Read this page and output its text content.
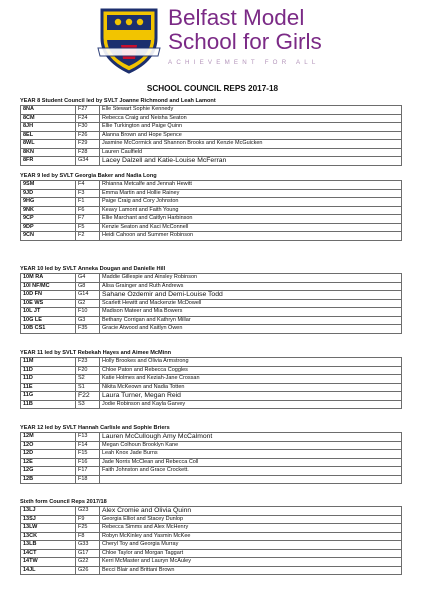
Belfast Model
School for Girls
ACHIEVEMENT FOR ALL
SCHOOL COUNCIL REPS 2017-18
YEAR 8 Student Council led by SVLT Joanne Richmond and Leah Lamont
8NA	F27	Elle Stewart Sophie Kennedy
8CM	F24	Rebecca Craig and Neisha Seaton
8JH	F30	Ellie Turkington and Paige Quinn
8EL	F26	Alanna Brown and Hope Spence
8WL	F29	Jasmine McCormick and Shannon Brooks and Kenzie McGuicken
8KN	F28	Lauren Caulfield
8FR	G34	Lacey Dalzell and Katie-Louise McFerran
YEAR 9 led by SVLT Georgia Baker and Nadia Long
9SM	F4	Rhianna Metcalfe and Jennah Hewitt
9JD	F3	Emma Martin and Hollie Rainey
9HG	F1	Paige Craig and Cory Johnston
9NK	F6	Keavy Lamont and Faith Young
9CP	F7	Ellie Marchant and Caitlyn Harbinson
9DP	F5	Kenzie Seaton and Kaci McConnell
9CN	F2	Heidi Cahoon and Summer Robinson
YEAR 10 led by SVLT Anneka Dougan and Danielle Hill
10M RA	G4	Maddie Gillespie and Ainsley Robinson
10I NF/MC	G8	Alisa Grainger and Ruth Andrews
10D FN	G14	Sahane Ozdemir and Demi-Louise Todd
10E WS	G2	Scarlett Hewitt and Mackenzie McDowell
10L JT	F10	Madison Mateer and Mia Bowers
10G LE	G3	Bethany Corrigan and Kathryn Millar
10B CS1	F35	Gracie Atwood and Kaitlyn Owen
YEAR 11 led by SVLT Rebekah Hayes and Aimee McMinn
11M	F23	Holly Brookes and Olivia Armstrong
11D	F20	Chloe Paton and Rebecca Coggles
11D	S2	Katie Holmes and Keziah-Jane Crossan
11E	S1	Nikita McKeown and Nadia Totten
11G	F22	Laura Turner, Megan Reid
11B	S3	Jodie Robinson and Kayla Garvey
YEAR 12 led by SVLT Hannah Carlisle and Sophie Briers
12M	F13	Lauren McCullough Amy McCalmont
12O	F14	Megan Colhoun Brooklyn Kane
12D	F15	Leah Knox Jade Burns
12E	F16	Jade Norris McClean and Rebecca Coll
12G	F17	Faith Johnston and Grace Crockett.
12B	F18	
Sixth form Council Reps 2017/18
13LJ	G23	Alex Cromie and Olivia Quinn
13SJ	F9	Georgia Elliot and Stacey Dunlop
13LW	F25	Rebecca Simms and Alex McHenry
13CK	F8	Robyn McKinley and Yasmin McKee
13LB	G33	Cheryl Toy and Georgia Murray
14CT	G17	Chloe Taylor and Morgan Taggart
14TW	G22	Kerri McMaster and Lauryn McAuley
14JL	G26	Becci Blair and Brittani Brown
